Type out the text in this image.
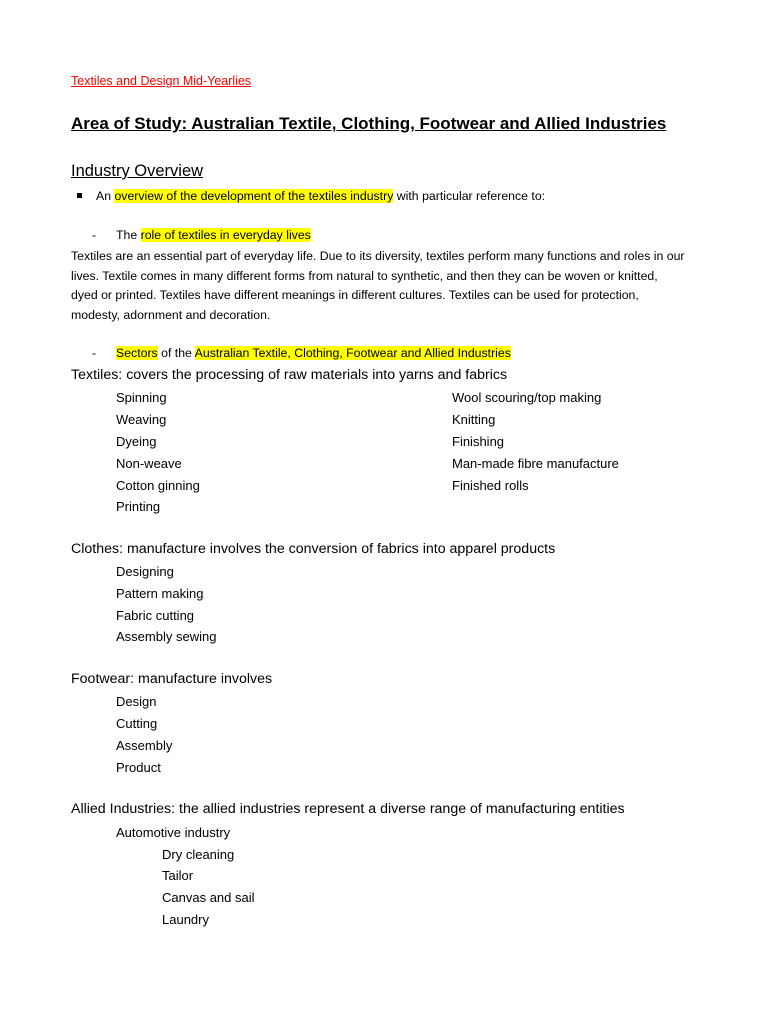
Textiles and Design Mid-Yearlies
Area of Study: Australian Textile, Clothing, Footwear and Allied Industries
Industry Overview
An overview of the development of the textiles industry with particular reference to:
- The role of textiles in everyday lives
Textiles are an essential part of everyday life. Due to its diversity, textiles perform many functions and roles in our
lives. Textile comes in many different forms from natural to synthetic, and then they can be woven or knitted,
dyed or printed. Textiles have different meanings in different cultures. Textiles can be used for protection,
modesty, adornment and decoration.
- Sectors of the Australian Textile, Clothing, Footwear and Allied Industries
Textiles: covers the processing of raw materials into yarns and fabrics
Spinning
Weaving
Dyeing
Non-weave
Cotton ginning
Printing
Wool scouring/top making
Knitting
Finishing
Man-made fibre manufacture
Finished rolls
Clothes: manufacture involves the conversion of fabrics into apparel products
Designing
Pattern making
Fabric cutting
Assembly sewing
Footwear: manufacture involves
Design
Cutting
Assembly
Product
Allied Industries: the allied industries represent a diverse range of manufacturing entities
Automotive industry
Dry cleaning
Tailor
Canvas and sail
Laundry
